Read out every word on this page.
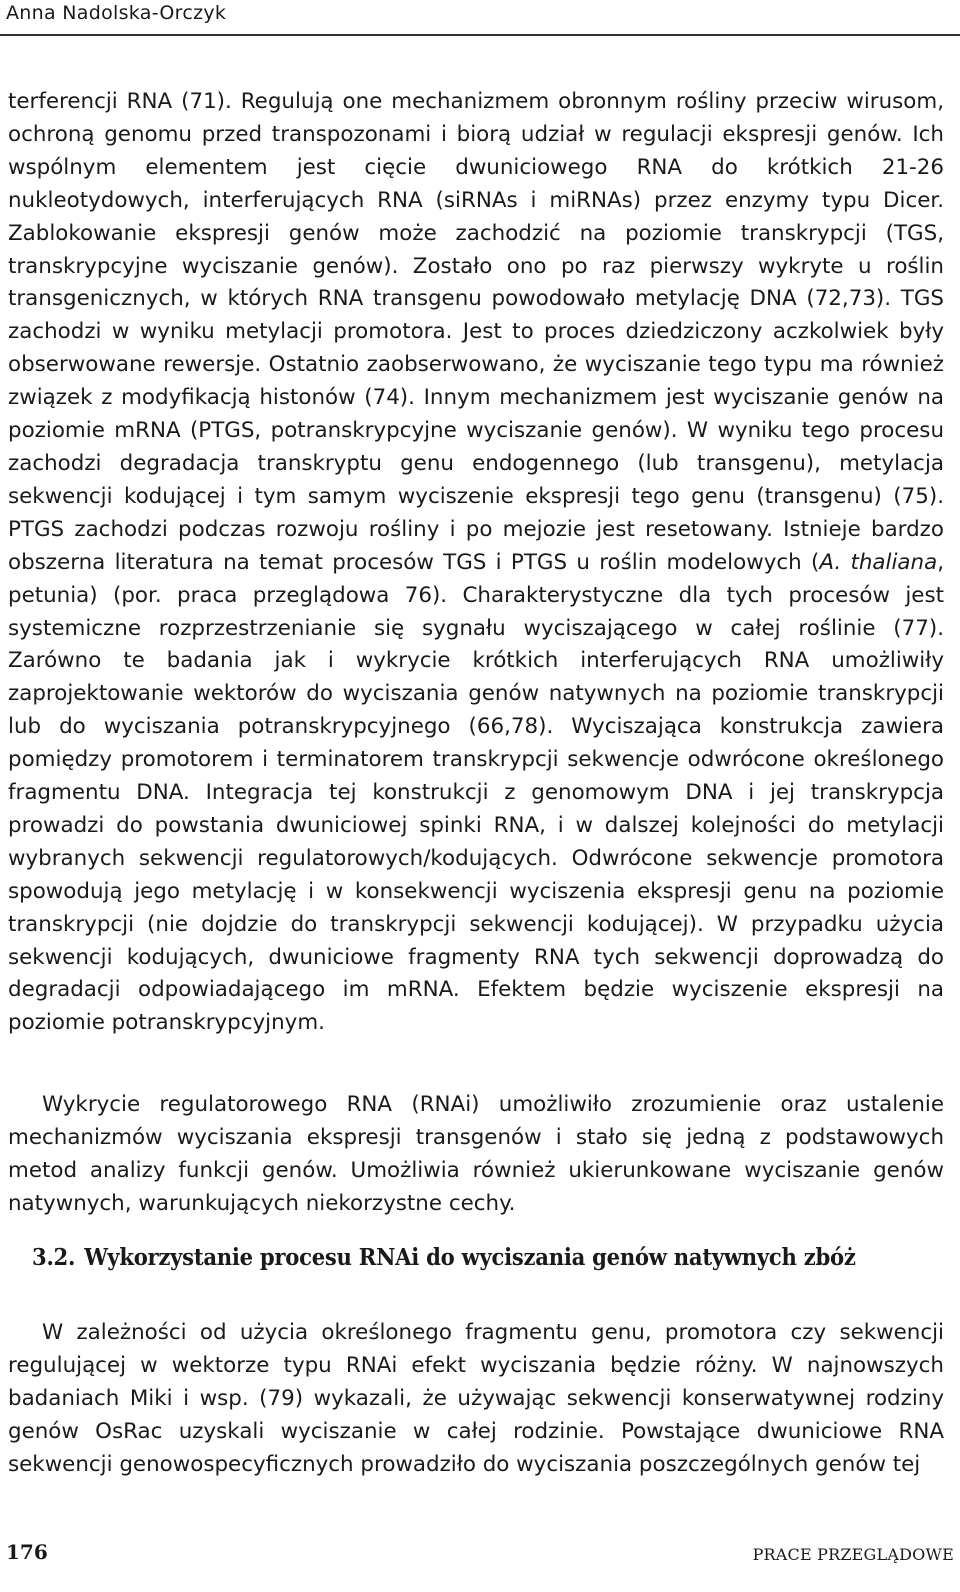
Anna Nadolska-Orczyk

terferencji RNA (71). Regulują one mechanizmem obronnym rośliny przeciw wirusom, ochroną genomu przed transpozonami i biorą udział w regulacji ekspresji genów. Ich wspólnym elementem jest cięcie dwuniciowego RNA do krótkich 21-26 nukleotydowych, interferujących RNA (siRNAs i miRNAs) przez enzymy typu Dicer. Zablokowanie ekspresji genów może zachodzić na poziomie transkrypcji (TGS, transkrypcyjne wyciszanie genów). Zostało ono po raz pierwszy wykryte u roślin transgenicznych, w których RNA transgenu powodowało metylację DNA (72,73). TGS zachodzi w wyniku metylacji promotora. Jest to proces dziedziczony aczkolwiek były obserwowane rewersje. Ostatnio zaobserwowano, że wyciszanie tego typu ma również związek z modyfikacją histonów (74). Innym mechanizmem jest wyciszanie genów na poziomie mRNA (PTGS, potranskrypcyjne wyciszanie genów). W wyniku tego procesu zachodzi degradacja transkryptu genu endogennego (lub transgenu), metylacja sekwencji kodującej i tym samym wyciszenie ekspresji tego genu (transgenu) (75). PTGS zachodzi podczas rozwoju rośliny i po mejozie jest resetowany. Istnieje bardzo obszerna literatura na temat procesów TGS i PTGS u roślin modelowych (A. thaliana, petunia) (por. praca przeglądowa 76). Charakterystyczne dla tych procesów jest systemiczne rozprzestrzenianie się sygnału wyciszającego w całej roślinie (77). Zarówno te badania jak i wykrycie krótkich interferujących RNA umożliwiły zaprojektowanie wektorów do wyciszania genów natywnych na poziomie transkrypcji lub do wyciszania potranskrypcyjnego (66,78). Wyciszająca konstrukcja zawiera pomiędzy promotorem i terminatorem transkrypcji sekwencje odwrócone określonego fragmentu DNA. Integracja tej konstrukcji z genomowym DNA i jej transkrypcja prowadzi do powstania dwuniciowej spinki RNA, i w dalszej kolejności do metylacji wybranych sekwencji regulatorowych/kodujących. Odwrócone sekwencje promotora spowodują jego metylację i w konsekwencji wyciszenia ekspresji genu na poziomie transkrypcji (nie dojdzie do transkrypcji sekwencji kodującej). W przypadku użycia sekwencji kodujących, dwuniciowe fragmenty RNA tych sekwencji doprowadzą do degradacji odpowiadającego im mRNA. Efektem będzie wyciszenie ekspresji na poziomie potranskrypcyjnym.

Wykrycie regulatorowego RNA (RNAi) umożliwiło zrozumienie oraz ustalenie mechanizmów wyciszania ekspresji transgenów i stało się jedną z podstawowych metod analizy funkcji genów. Umożliwia również ukierunkowane wyciszanie genów natywnych, warunkujących niekorzystne cechy.

3.2. Wykorzystanie procesu RNAi do wyciszania genów natywnych zbóż

W zależności od użycia określonego fragmentu genu, promotora czy sekwencji regulującej w wektorze typu RNAi efekt wyciszania będzie różny. W najnowszych badaniach Miki i wsp. (79) wykazali, że używając sekwencji konserwatywnej rodziny genów OsRac uzyskali wyciszanie w całej rodzinie. Powstające dwuniciowe RNA sekwencji genowospecyficznych prowadziło do wyciszania poszczególnych genów tej

176	PRACE PRZEGLĄDOWE
